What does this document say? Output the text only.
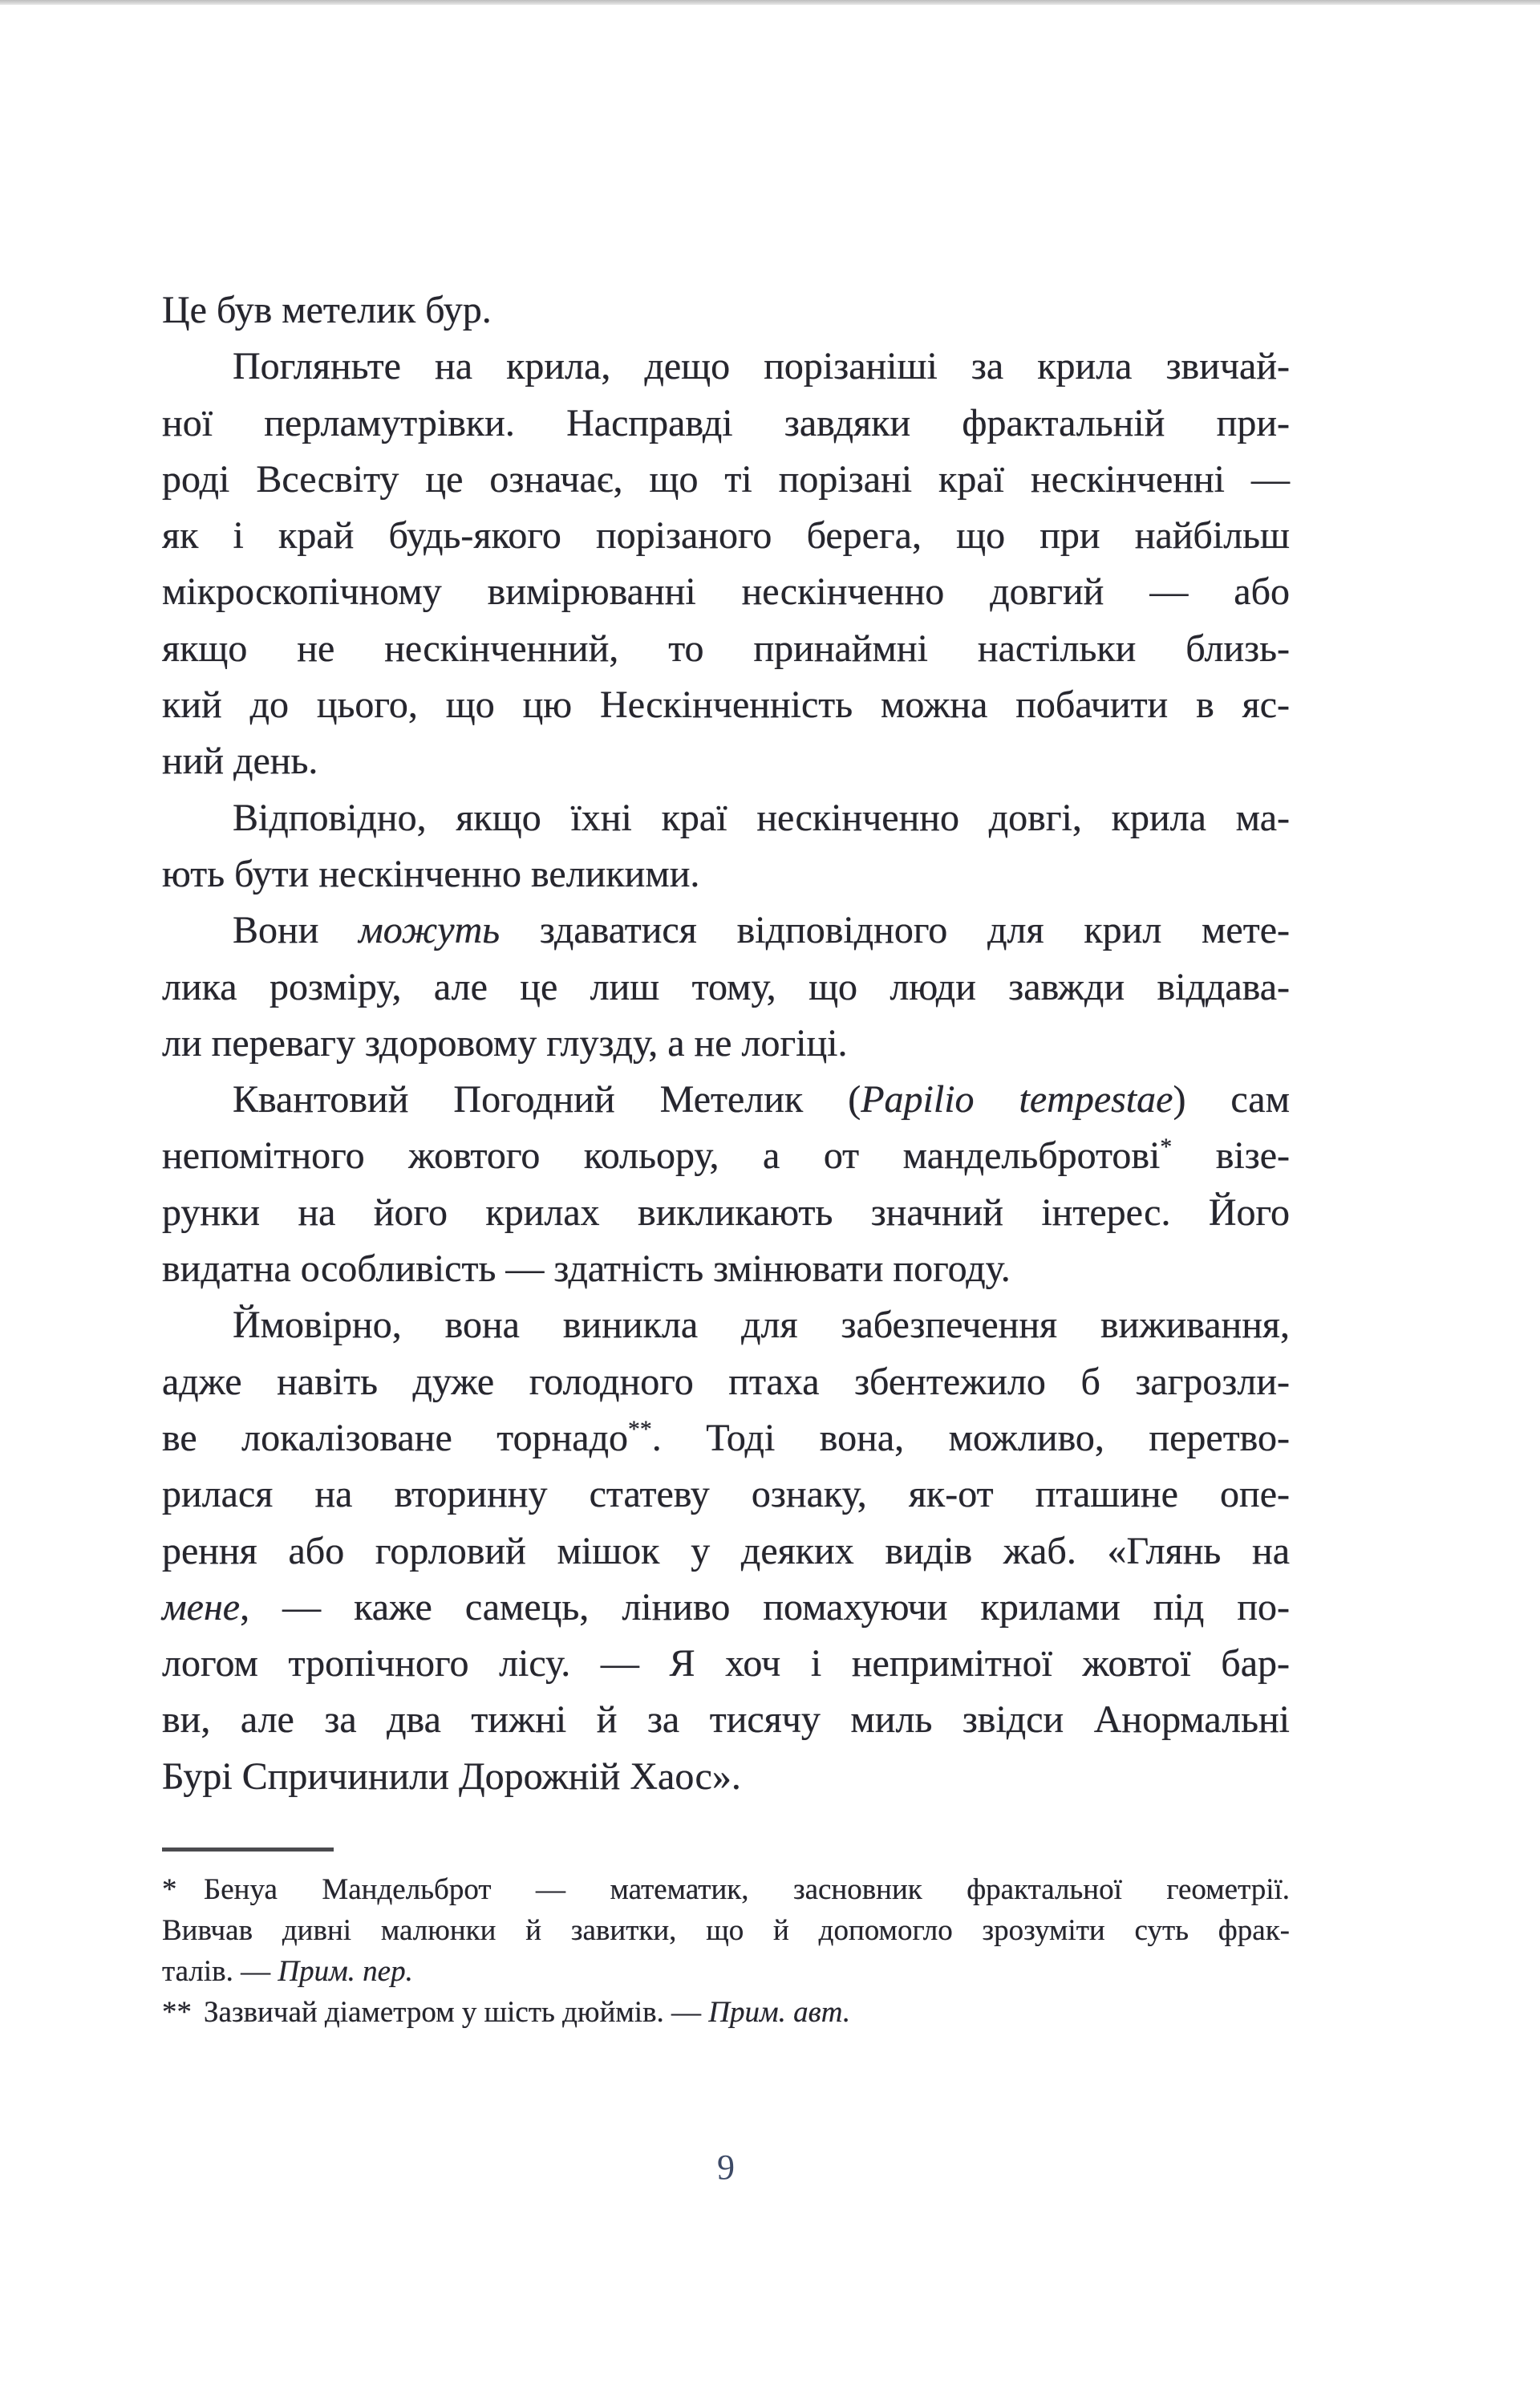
Це був метелик бур.
Погляньте на крила, дещо порізаніші за крила звичай-
ної перламутрівки. Насправді завдяки фрактальній при-
роді Всесвіту це означає, що ті порізані краї нескінченні —
як і край будь-якого порізаного берега, що при найбільш
мікроскопічному вимірюванні нескінченно довгий — або
якщо не нескінченний, то принаймні настільки близь-
кий до цього, що цю Нескінченність можна побачити в яс-
ний день.
Відповідно, якщо їхні краї нескінченно довгі, крила ма-
ють бути нескінченно великими.
Вони можуть здаватися відповідного для крил мете-
лика розміру, але це лиш тому, що люди завжди віддава-
ли перевагу здоровому глузду, а не логіці.
Квантовий Погодний Метелик (Papilio tempestae) сам
непомітного жовтого кольору, а от мандельбротові* візе-
рунки на його крилах викликають значний інтерес. Його
видатна особливість — здатність змінювати погоду.
Ймовірно, вона виникла для забезпечення виживання,
адже навіть дуже голодного птаха збентежило б загрозли-
ве локалізоване торнадо**. Тоді вона, можливо, перетво-
рилася на вторинну статеву ознаку, як-от пташине опе-
рення або горловий мішок у деяких видів жаб. «Глянь на
мене, — каже самець, ліниво помахуючи крилами під по-
логом тропічного лісу. — Я хоч і непримітної жовтої бар-
ви, але за два тижні й за тисячу миль звідси Анормальні
Бурі Спричинили Дорожній Хаос».
* Бенуа Мандельброт — математик, засновник фрактальної геометрії.
Вивчав дивні малюнки й завитки, що й допомогло зрозуміти суть фрак-
талів. — Прим. пер.
** Зазвичай діаметром у шість дюймів. — Прим. авт.
9
